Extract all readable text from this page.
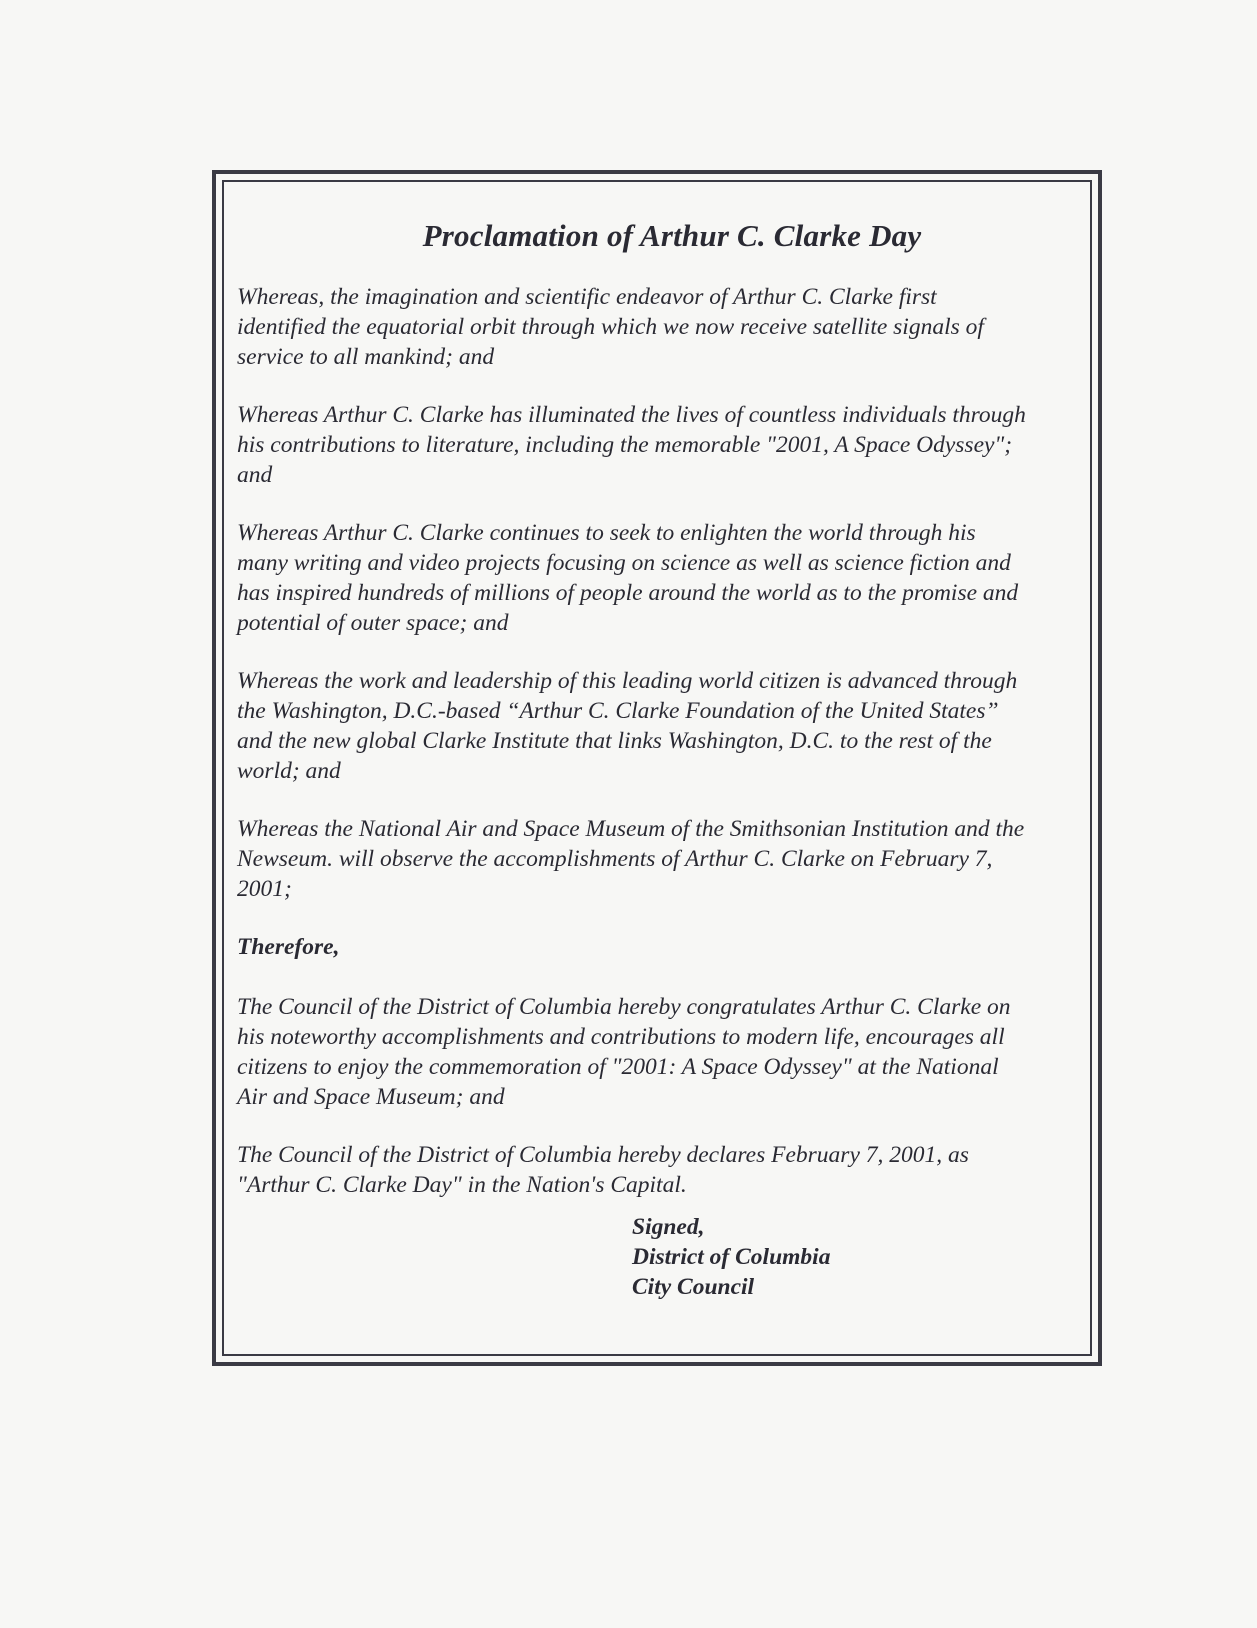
Proclamation of Arthur C. Clarke Day

Whereas, the imagination and scientific endeavor of Arthur C. Clarke first
identified the equatorial orbit through which we now receive satellite signals of
service to all mankind; and

Whereas Arthur C. Clarke has illuminated the lives of countless individuals through
his contributions to literature, including the memorable "2001, A Space Odyssey";
and

Whereas Arthur C. Clarke continues to seek to enlighten the world through his
many writing and video projects focusing on science as well as science fiction and
has inspired hundreds of millions of people around the world as to the promise and
potential of outer space; and

Whereas the work and leadership of this leading world citizen is advanced through
the Washington, D.C.-based “Arthur C. Clarke Foundation of the United States”
and the new global Clarke Institute that links Washington, D.C. to the rest of the
world; and

Whereas the National Air and Space Museum of the Smithsonian Institution and the
Newseum. will observe the accomplishments of Arthur C. Clarke on February 7,
2001;

Therefore,

The Council of the District of Columbia hereby congratulates Arthur C. Clarke on
his noteworthy accomplishments and contributions to modern life, encourages all
citizens to enjoy the commemoration of "2001: A Space Odyssey" at the National
Air and Space Museum; and

The Council of the District of Columbia hereby declares February 7, 2001, as
"Arthur C. Clarke Day" in the Nation's Capital.

Signed,
District of Columbia
City Council
